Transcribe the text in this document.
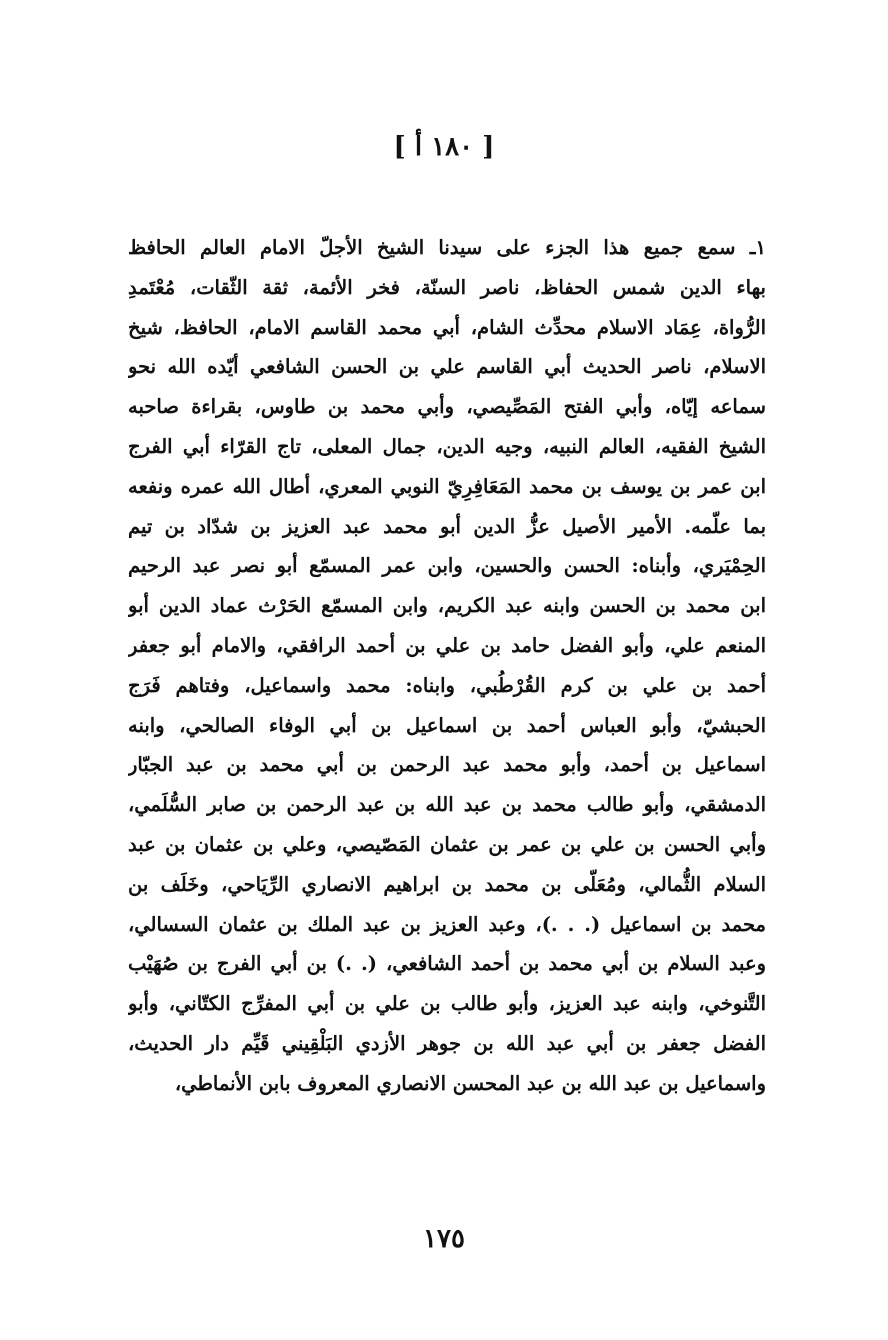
[ ١٨٠ أ ]
١ـ سمع جميع هذا الجزء على سيدنا الشيخ الأجلّ الامام العالم الحافظ
بهاء الدين شمس الحفاظ، ناصر السنّة، فخر الأئمة، ثقة الثّقات، مُعْتَمدِ
الرُّواة، عِمَاد الاسلام محدِّث الشام، أبي محمد القاسم الامام، الحافظ، شيخ
الاسلام، ناصر الحديث أبي القاسم علي بن الحسن الشافعي أيّده الله نحو
سماعه إيّاه، وأبي الفتح المَصِّيصي، وأبي محمد بن طاوس، بقراءة صاحبه
الشيخ الفقيه، العالم النبيه، وجيه الدين، جمال المعلى، تاج القرّاء أبي الفرج
ابن عمر بن يوسف بن محمد المَعَافِرِيّ النوبي المعري، أطال الله عمره ونفعه
بما علّمه. الأمير الأصيل عزُّ الدين أبو محمد عبد العزيز بن شدّاد بن تيم
الحِمْيَري، وأبناه: الحسن والحسين، وابن عمر المسمّع أبو نصر عبد الرحيم
ابن محمد بن الحسن وابنه عبد الكريم، وابن المسمّع الحَرْث عماد الدين أبو
المنعم علي، وأبو الفضل حامد بن علي بن أحمد الرافقي، والامام أبو جعفر
أحمد بن علي بن كرم القُرْطُبي، وابناه: محمد واسماعيل، وفتاهم فَرَج
الحبشيّ، وأبو العباس أحمد بن اسماعيل بن أبي الوفاء الصالحي، وابنه
اسماعيل بن أحمد، وأبو محمد عبد الرحمن بن أبي محمد بن عبد الجبّار
الدمشقي، وأبو طالب محمد بن عبد الله بن عبد الرحمن بن صابر السُّلَمي،
وأبي الحسن بن علي بن عمر بن عثمان المَصّيصي، وعلي بن عثمان بن عبد
السلام الثُّمالي، ومُعَلّى بن محمد بن ابراهيم الانصاري الرِّيَاحي، وخَلَف بن
محمد بن اسماعيل (. . .)، وعبد العزيز بن عبد الملك بن عثمان السسالي،
وعبد السلام بن أبي محمد بن أحمد الشافعي، (. .) بن أبي الفرج بن صُهَيْب
التَّنوخي، وابنه عبد العزيز، وأبو طالب بن علي بن أبي المفرِّج الكتّاني، وأبو
الفضل جعفر بن أبي عبد الله بن جوهر الأزدي البَلْقِيني قَيِّم دار الحديث،
واسماعيل بن عبد الله بن عبد المحسن الانصاري المعروف بابن الأنماطي،
١٧٥
